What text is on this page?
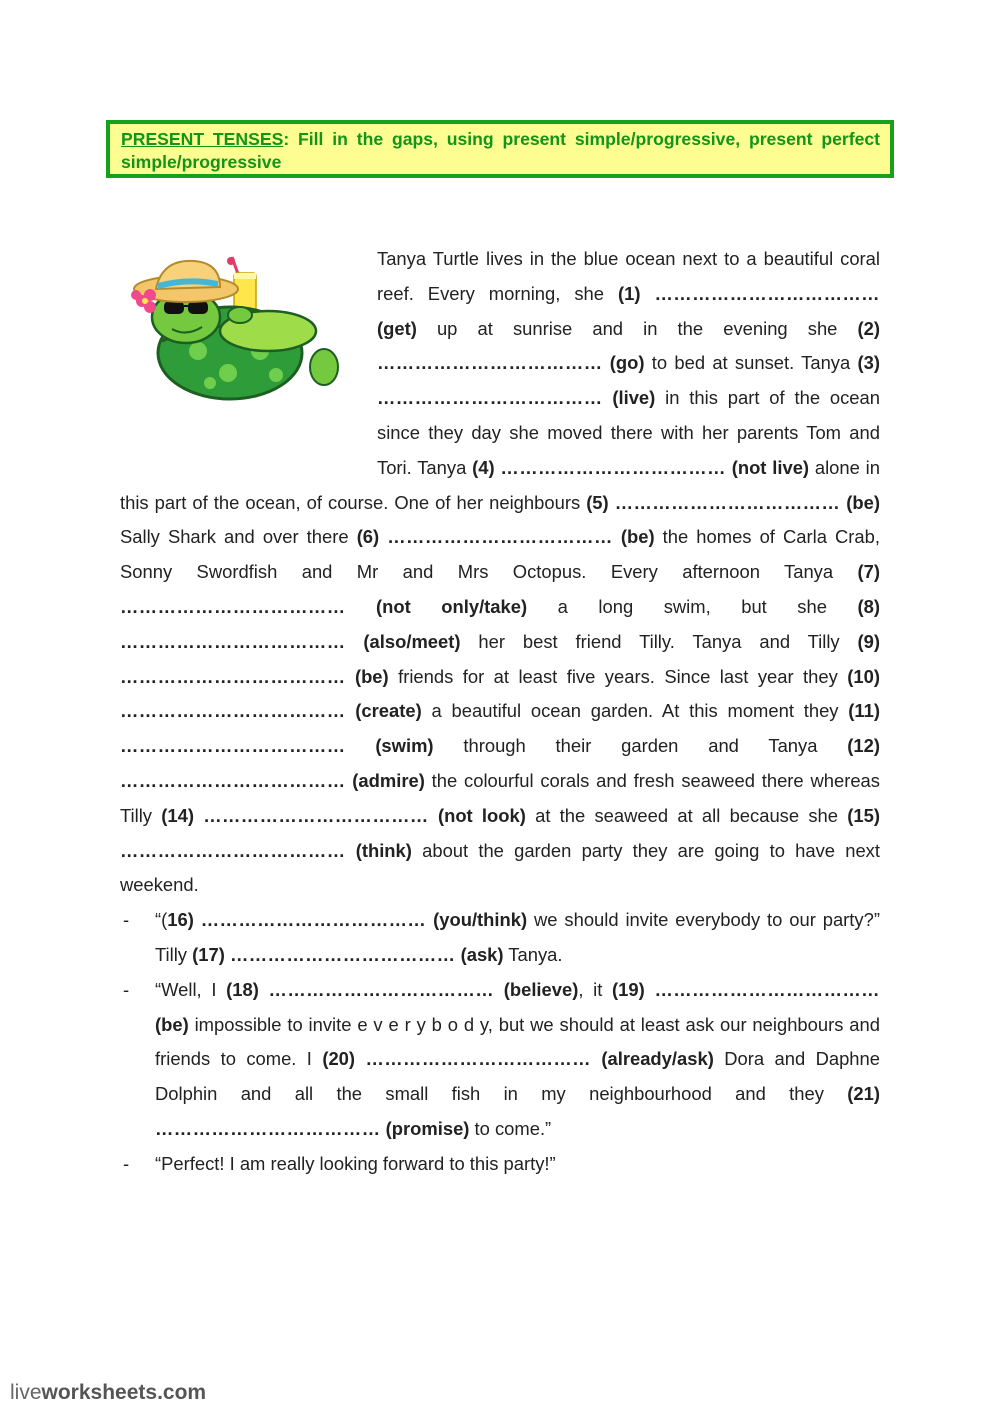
PRESENT TENSES: Fill in the gaps, using present simple/progressive, present perfect simple/progressive

Tanya Turtle lives in the blue ocean next to a beautiful coral reef. Every morning, she (1) ……………………………… (get) up at sunrise and in the evening she (2) ……………………………… (go) to bed at sunset. Tanya (3) ……………………………… (live) in this part of the ocean since they day she moved there with her parents Tom and Tori. Tanya (4) ……………………………… (not live) alone in this part of the ocean, of course. One of her neighbours (5) ……………………………… (be) Sally Shark and over there (6) ……………………………… (be) the homes of Carla Crab, Sonny Swordfish and Mr and Mrs Octopus. Every afternoon Tanya (7) ……………………………… (not only/take) a long swim, but she (8) ……………………………… (also/meet) her best friend Tilly. Tanya and Tilly (9) ……………………………… (be) friends for at least five years. Since last year they (10) ……………………………… (create) a beautiful ocean garden. At this moment they (11) ……………………………… (swim) through their garden and Tanya (12) ……………………………… (admire) the colourful corals and fresh seaweed there whereas Tilly (14) ……………………………… (not look) at the seaweed at all because she (15) ……………………………… (think) about the garden party they are going to have next weekend.

- “(16) ……………………………… (you/think) we should invite everybody to our party?” Tilly (17) ……………………………… (ask) Tanya.
- “Well, I (18) ……………………………… (believe), it (19) ……………………………… (be) impossible to invite e v e r y b o d y, but we should at least ask our neighbours and friends to come. I (20) ……………………………… (already/ask) Dora and Daphne Dolphin and all the small fish in my neighbourhood and they (21) ……………………………… (promise) to come.”
- “Perfect! I am really looking forward to this party!”
liveworksheets.com
